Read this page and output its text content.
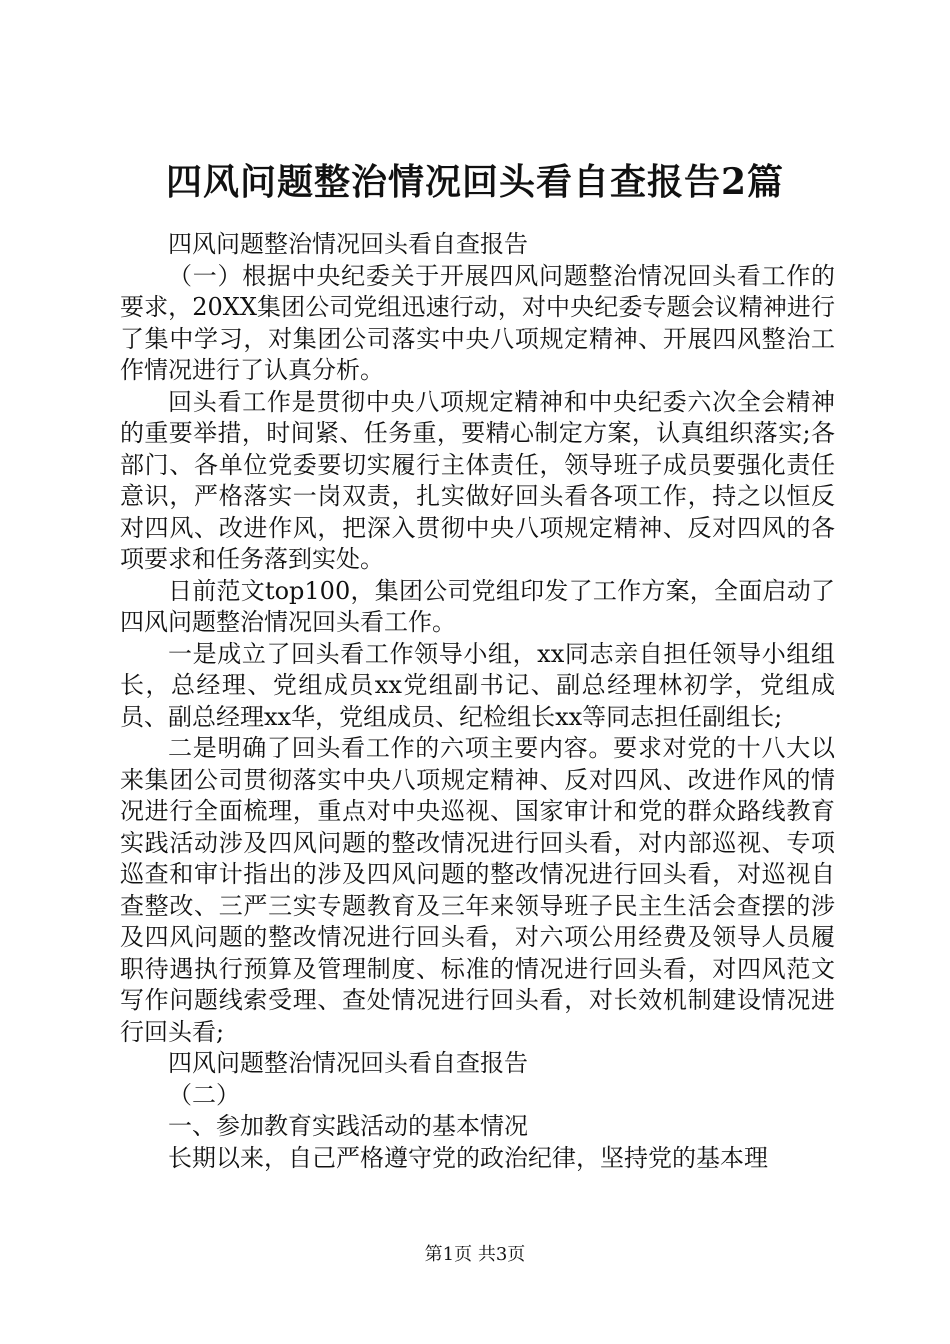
四风问题整治情况回头看自查报告2篇

四风问题整治情况回头看自查报告

（一）根据中央纪委关于开展四风问题整治情况回头看工作的要求，20XX集团公司党组迅速行动，对中央纪委专题会议精神进行了集中学习，对集团公司落实中央八项规定精神、开展四风整治工作情况进行了认真分析。

回头看工作是贯彻中央八项规定精神和中央纪委六次全会精神的重要举措，时间紧、任务重，要精心制定方案，认真组织落实;各部门、各单位党委要切实履行主体责任，领导班子成员要强化责任意识，严格落实一岗双责，扎实做好回头看各项工作，持之以恒反对四风、改进作风，把深入贯彻中央八项规定精神、反对四风的各项要求和任务落到实处。

日前范文top100，集团公司党组印发了工作方案，全面启动了四风问题整治情况回头看工作。

一是成立了回头看工作领导小组，xx同志亲自担任领导小组组长，总经理、党组成员xx党组副书记、副总经理林初学，党组成员、副总经理xx华，党组成员、纪检组长xx等同志担任副组长;

二是明确了回头看工作的六项主要内容。要求对党的十八大以来集团公司贯彻落实中央八项规定精神、反对四风、改进作风的情况进行全面梳理，重点对中央巡视、国家审计和党的群众路线教育实践活动涉及四风问题的整改情况进行回头看，对内部巡视、专项巡查和审计指出的涉及四风问题的整改情况进行回头看，对巡视自查整改、三严三实专题教育及三年来领导班子民主生活会查摆的涉及四风问题的整改情况进行回头看，对六项公用经费及领导人员履职待遇执行预算及管理制度、标准的情况进行回头看，对四风范文写作问题线索受理、查处情况进行回头看，对长效机制建设情况进行回头看;

四风问题整治情况回头看自查报告

（二）

一、参加教育实践活动的基本情况

长期以来，自己严格遵守党的政治纪律，坚持党的基本理

第1页 共3页
